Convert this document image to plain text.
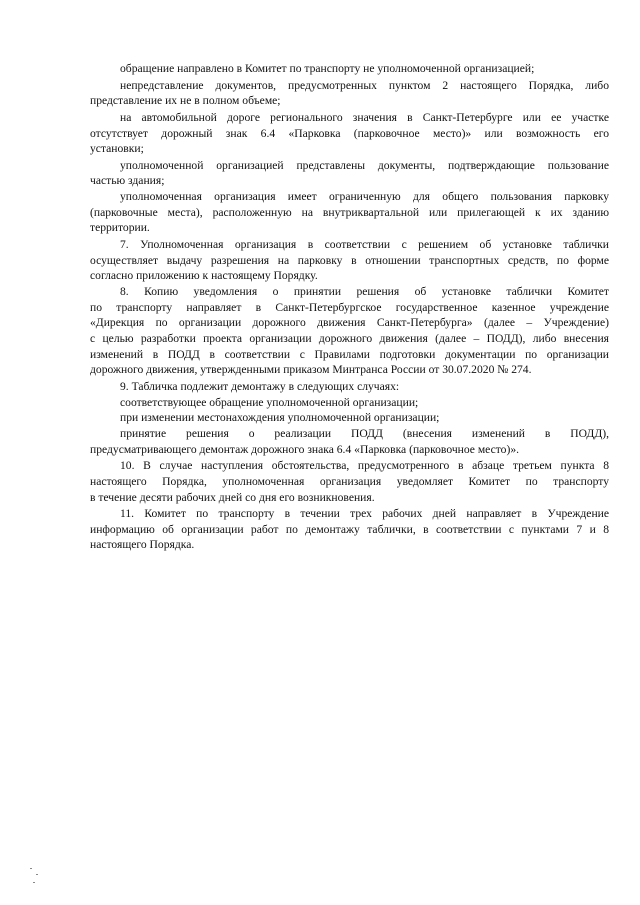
обращение направлено в Комитет по транспорту не уполномоченной организацией;
непредставление документов, предусмотренных пунктом 2 настоящего Порядка, либо
представление их не в полном объеме;
на автомобильной дороге регионального значения в Санкт-Петербурге или ее участке
отсутствует дорожный знак 6.4 «Парковка (парковочное место)» или возможность его
установки;
уполномоченной организацией представлены документы, подтверждающие пользование
частью здания;
уполномоченная организация имеет ограниченную для общего пользования парковку
(парковочные места), расположенную на внутриквартальной или прилегающей к их зданию
территории.
7. Уполномоченная организация в соответствии с решением об установке таблички
осуществляет выдачу разрешения на парковку в отношении транспортных средств, по форме
согласно приложению к настоящему Порядку.
8. Копию уведомления о принятии решения об установке таблички Комитет
по транспорту направляет в Санкт-Петербургское государственное казенное учреждение
«Дирекция по организации дорожного движения Санкт-Петербурга» (далее – Учреждение)
с целью разработки проекта организации дорожного движения (далее – ПОДД), либо внесения
изменений в ПОДД в соответствии с Правилами подготовки документации по организации
дорожного движения, утвержденными приказом Минтранса России от 30.07.2020 № 274.
9. Табличка подлежит демонтажу в следующих случаях:
соответствующее обращение уполномоченной организации;
при изменении местонахождения уполномоченной организации;
принятие решения о реализации ПОДД (внесения изменений в ПОДД),
предусматривающего демонтаж дорожного знака 6.4 «Парковка (парковочное место)».
10. В случае наступления обстоятельства, предусмотренного в абзаце третьем пункта 8
настоящего Порядка, уполномоченная организация уведомляет Комитет по транспорту
в течение десяти рабочих дней со дня его возникновения.
11. Комитет по транспорту в течении трех рабочих дней направляет в Учреждение
информацию об организации работ по демонтажу таблички, в соответствии с пунктами 7 и 8
настоящего Порядка.
